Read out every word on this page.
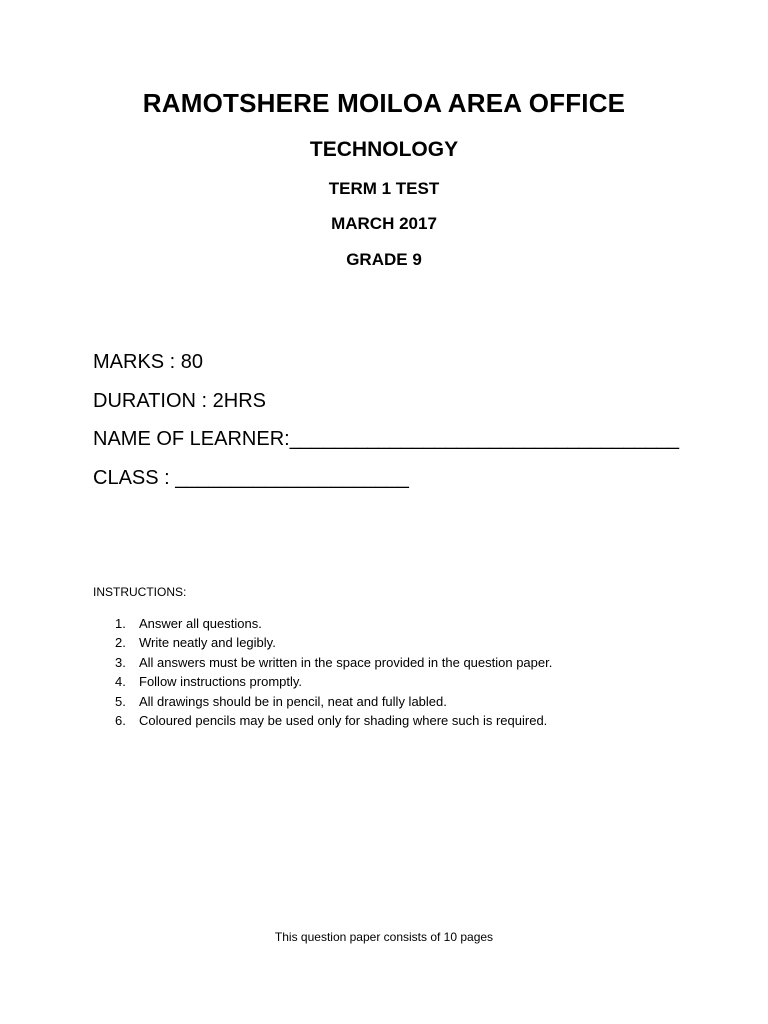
RAMOTSHERE MOILOA AREA OFFICE
TECHNOLOGY
TERM 1 TEST
MARCH 2017
GRADE 9
MARKS : 80
DURATION : 2HRS
NAME OF LEARNER:___________________________________
CLASS : _____________________
INSTRUCTIONS:
1. Answer all questions.
2. Write neatly and legibly.
3. All answers must be written in the space provided in the question paper.
4. Follow instructions promptly.
5. All drawings should be in pencil, neat and fully labled.
6. Coloured pencils may be used only for shading where such is required.
This question paper consists of 10 pages
